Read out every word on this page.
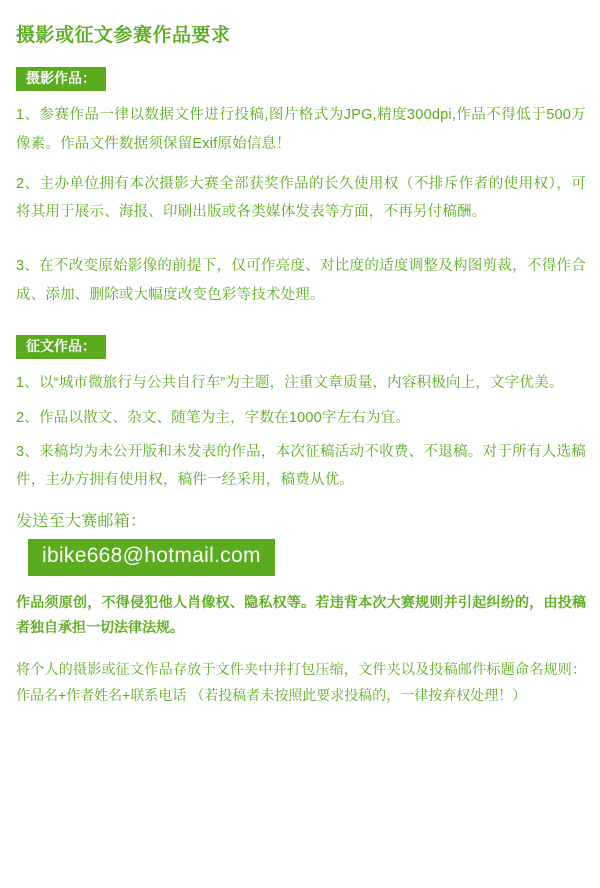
摄影或征文参赛作品要求
摄影作品：
1、参赛作品一律以数据文件进行投稿,图片格式为JPG,精度300dpi,作品不得低于500万像素。作品文件数据须保留Exif原始信息！
2、主办单位拥有本次摄影大赛全部获奖作品的长久使用权（不排斥作者的使用权），可将其用于展示、海报、印刷出版或各类媒体发表等方面，不再另付稿酬。
3、在不改变原始影像的前提下，仅可作亮度、对比度的适度调整及构图剪裁，不得作合成、添加、删除或大幅度改变色彩等技术处理。
征文作品：
1、以“城市微旅行与公共自行车”为主题，注重文章质量，内容积极向上，文字优美。
2、作品以散文、杂文、随笔为主，字数在1000字左右为宜。
3、来稿均为未公开版和未发表的作品，本次征稿活动不收费、不退稿。对于所有人选稿件，主办方拥有使用权，稿件一经采用，稿费从优。
发送至大赛邮箱：
ibike668@hotmail.com
作品须原创，不得侵犯他人肖像权、隐私权等。若违背本次大赛规则并引起纠纷的，由投稿者独自承担一切法律法规。
将个人的摄影或征文作品存放于文件夹中并打包压缩，文件夹以及投稿邮件标题命名规则：作品名+作者姓名+联系电话 （若投稿者未按照此要求投稿的，一律按弃权处理！）
